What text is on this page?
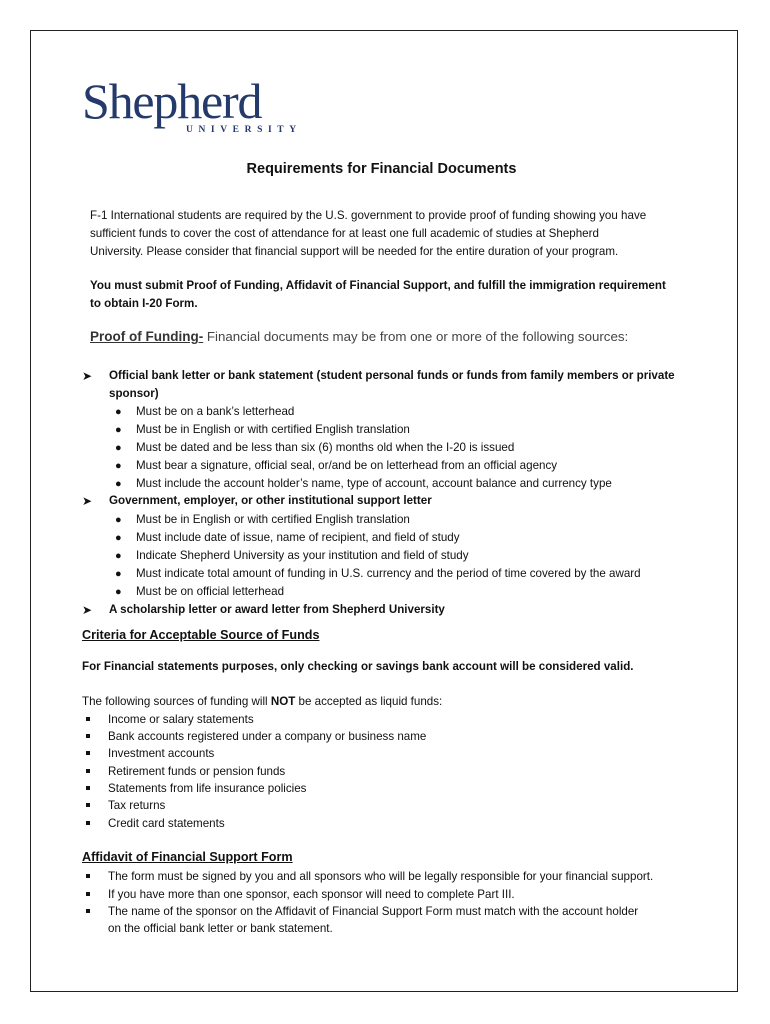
Shepherd
UNIVERSITY
Requirements for Financial Documents
F-1 International students are required by the U.S. government to provide proof of funding showing you have
sufficient funds to cover the cost of attendance for at least one full academic of studies at Shepherd
University. Please consider that financial support will be needed for the entire duration of your program.
You must submit Proof of Funding, Affidavit of Financial Support, and fulfill the immigration requirement
to obtain I-20 Form.
Proof of Funding- Financial documents may be from one or more of the following sources:
➤	Official bank letter or bank statement (student personal funds or funds from family members or private
sponsor)
● Must be on a bank’s letterhead
● Must be in English or with certified English translation
● Must be dated and be less than six (6) months old when the I-20 is issued
● Must bear a signature, official seal, or/and be on letterhead from an official agency
● Must include the account holder’s name, type of account, account balance and currency type
➤	Government, employer, or other institutional support letter
● Must be in English or with certified English translation
● Must include date of issue, name of recipient, and field of study
● Indicate Shepherd University as your institution and field of study
● Must indicate total amount of funding in U.S. currency and the period of time covered by the award
● Must be on official letterhead
➤	A scholarship letter or award letter from Shepherd University
Criteria for Acceptable Source of Funds
For Financial statements purposes, only checking or savings bank account will be considered valid.
The following sources of funding will NOT be accepted as liquid funds:
Income or salary statements
Bank accounts registered under a company or business name
Investment accounts
Retirement funds or pension funds
Statements from life insurance policies
Tax returns
Credit card statements
Affidavit of Financial Support Form
The form must be signed by you and all sponsors who will be legally responsible for your financial support.
If you have more than one sponsor, each sponsor will need to complete Part III.
The name of the sponsor on the Affidavit of Financial Support Form must match with the account holder
on the official bank letter or bank statement.
